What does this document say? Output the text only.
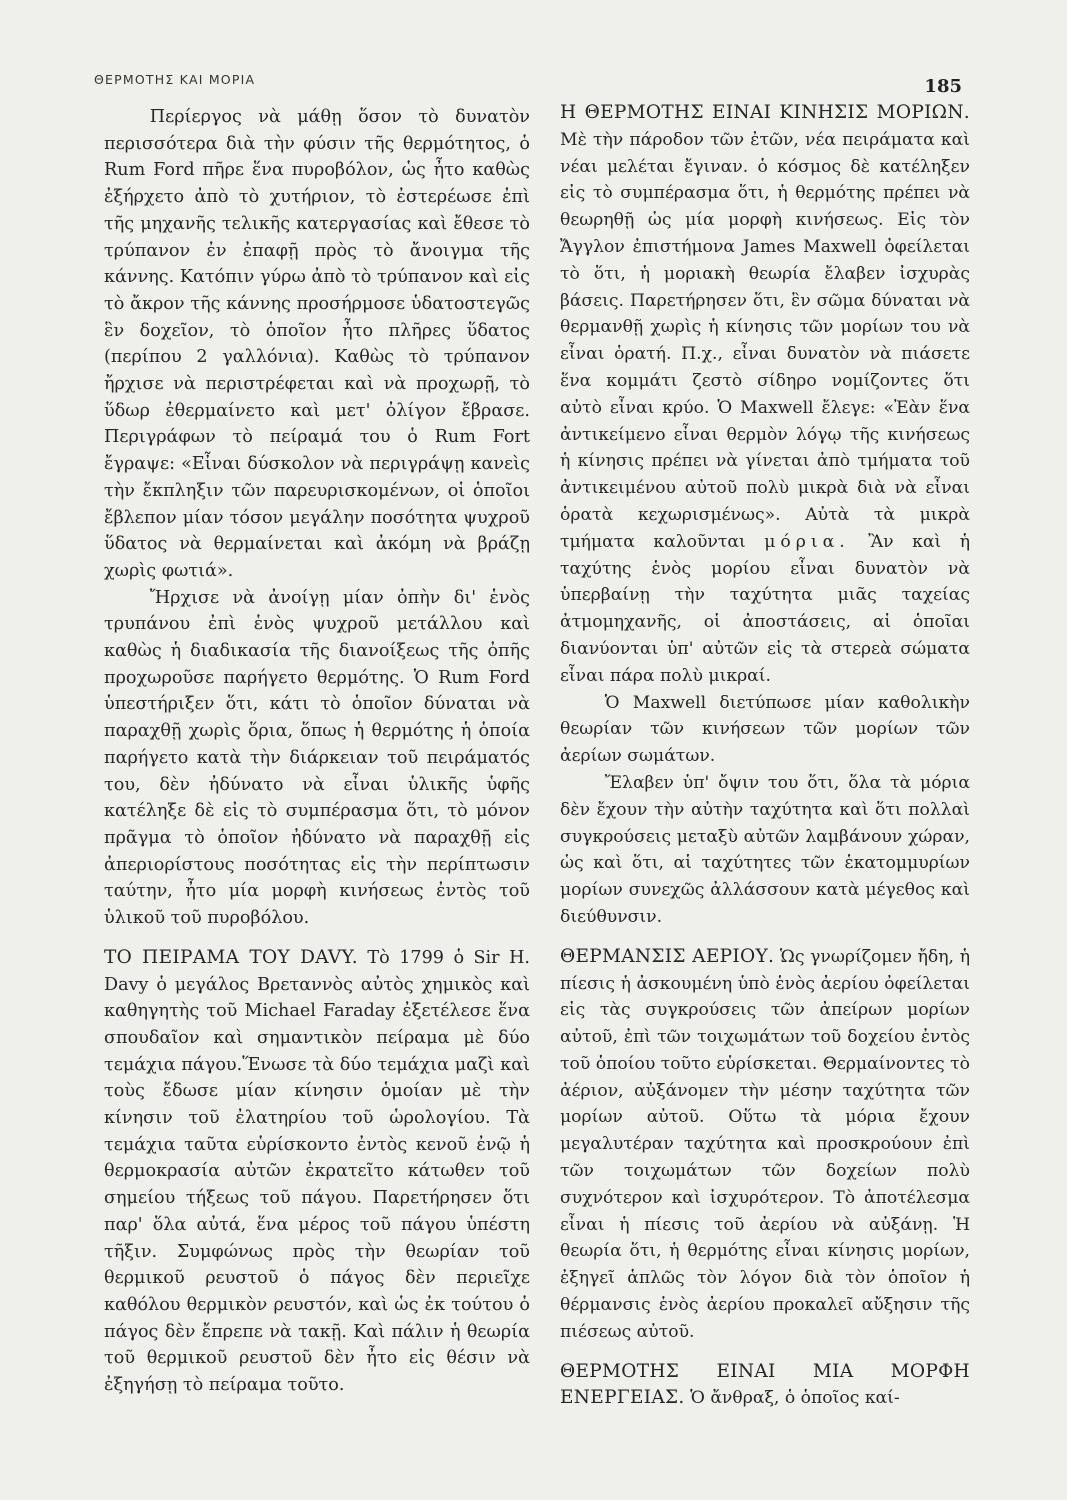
ΘΕΡΜΟΤΗΣ ΚΑΙ ΜΟΡΙΑ	185

Περίεργος νὰ μάθῃ ὅσον τὸ δυνατὸν περισσότερα διὰ τὴν φύσιν τῆς θερμότητος, ὁ Rum Ford πῆρε ἕνα πυροβόλον, ὡς ἦτο καθὼς ἐξήρχετο ἀπὸ τὸ χυτήριον, τὸ ἐστερέωσε ἐπὶ τῆς μηχανῆς τελικῆς κατεργασίας καὶ ἔθεσε τὸ τρύπανον ἐν ἐπαφῇ πρὸς τὸ ἄνοιγμα τῆς κάννης. Κατόπιν γύρω ἀπὸ τὸ τρύπανον καὶ εἰς τὸ ἄκρον τῆς κάννης προσήρμοσε ὑδατοστεγῶς ἓν δοχεῖον, τὸ ὁποῖον ἦτο πλῆρες ὕδατος (περίπου 2 γαλλόνια). Καθὼς τὸ τρύπανον ἤρχισε νὰ περιστρέφεται καὶ νὰ προχωρῇ, τὸ ὕδωρ ἐθερμαίνετο καὶ μετ' ὀλίγον ἔβρασε. Περιγράφων τὸ πείραμά του ὁ Rum Fort ἔγραψε: «Εἶναι δύσκολον νὰ περιγράψῃ κανεὶς τὴν ἔκπληξιν τῶν παρευρισκομένων, οἱ ὁποῖοι ἔβλεπον μίαν τόσον μεγάλην ποσότητα ψυχροῦ ὕδατος νὰ θερμαίνεται καὶ ἀκόμη νὰ βράζῃ χωρὶς φωτιά».

Ἤρχισε νὰ ἀνοίγῃ μίαν ὀπὴν δι' ἑνὸς τρυπάνου ἐπὶ ἑνὸς ψυχροῦ μετάλλου καὶ καθὼς ἡ διαδικασία τῆς διανοίξεως τῆς ὀπῆς προχωροῦσε παρήγετο θερμότης. Ὁ Rum Ford ὑπεστήριξεν ὅτι, κάτι τὸ ὁποῖον δύναται νὰ παραχθῇ χωρὶς ὅρια, ὅπως ἡ θερμότης ἡ ὁποία παρήγετο κατὰ τὴν διάρκειαν τοῦ πειράματός του, δὲν ἠδύνατο νὰ εἶναι ὑλικῆς ὑφῆς κατέληξε δὲ εἰς τὸ συμπέρασμα ὅτι, τὸ μόνον πρᾶγμα τὸ ὁποῖον ἠδύνατο νὰ παραχθῇ εἰς ἀπεριορίστους ποσότητας εἰς τὴν περίπτωσιν ταύτην, ἦτο μία μορφὴ κινήσεως ἐντὸς τοῦ ὑλικοῦ τοῦ πυροβόλου.

ΤΟ ΠΕΙΡΑΜΑ ΤΟΥ DAVY. Τὸ 1799 ὁ Sir H. Davy ὁ μεγάλος Βρεταννὸς αὐτὸς χημικὸς καὶ καθηγητὴς τοῦ Michael Faraday ἐξετέλεσε ἕνα σπουδαῖον καὶ σημαντικὸν πείραμα μὲ δύο τεμάχια πάγου.Ἕνωσε τὰ δύο τεμάχια μαζὶ καὶ τοὺς ἔδωσε μίαν κίνησιν ὁμοίαν μὲ τὴν κίνησιν τοῦ ἐλατηρίου τοῦ ὡρολογίου. Τὰ τεμάχια ταῦτα εὑρίσκοντο ἐντὸς κενοῦ ἐνῷ ἡ θερμοκρασία αὐτῶν ἐκρατεῖτο κάτωθεν τοῦ σημείου τήξεως τοῦ πάγου. Παρετήρησεν ὅτι παρ' ὅλα αὐτά, ἕνα μέρος τοῦ πάγου ὑπέστη τῆξιν. Συμφώνως πρὸς τὴν θεωρίαν τοῦ θερμικοῦ ρευστοῦ ὁ πάγος δὲν περιεῖχε καθόλου θερμικὸν ρευστόν, καὶ ὡς ἐκ τούτου ὁ πάγος δὲν ἔπρεπε νὰ τακῇ. Καὶ πάλιν ἡ θεωρία τοῦ θερμικοῦ ρευστοῦ δὲν ἦτο εἰς θέσιν νὰ ἐξηγήσῃ τὸ πείραμα τοῦτο.

Η ΘΕΡΜΟΤΗΣ ΕΙΝΑΙ ΚΙΝΗΣΙΣ ΜΟΡΙΩΝ. Μὲ τὴν πάροδον τῶν ἐτῶν, νέα πειράματα καὶ νέαι μελέται ἔγιναν. ὁ κόσμος δὲ κατέληξεν εἰς τὸ συμπέρασμα ὅτι, ἡ θερμότης πρέπει νὰ θεωρηθῇ ὡς μία μορφὴ κινήσεως. Εἰς τὸν Ἄγγλον ἐπιστήμονα James Maxwell ὀφείλεται τὸ ὅτι, ἡ μοριακὴ θεωρία ἔλαβεν ἰσχυρὰς βάσεις. Παρετήρησεν ὅτι, ἓν σῶμα δύναται νὰ θερμανθῇ χωρὶς ἡ κίνησις τῶν μορίων του νὰ εἶναι ὁρατή. Π.χ., εἶναι δυνατὸν νὰ πιάσετε ἕνα κομμάτι ζεστὸ σίδηρο νομίζοντες ὅτι αὐτὸ εἶναι κρύο. Ὁ Maxwell ἔλεγε: «Ἐὰν ἕνα ἀντικείμενο εἶναι θερμὸν λόγῳ τῆς κινήσεως ἡ κίνησις πρέπει νὰ γίνεται ἀπὸ τμήματα τοῦ ἀντικειμένου αὐτοῦ πολὺ μικρὰ διὰ νὰ εἶναι ὁρατὰ κεχωρισμένως». Αὐτὰ τὰ μικρὰ τμήματα καλοῦνται μόρια. Ἂν καὶ ἡ ταχύτης ἑνὸς μορίου εἶναι δυνατὸν νὰ ὑπερβαίνῃ τὴν ταχύτητα μιᾶς ταχείας ἀτμομηχανῆς, οἱ ἀποστάσεις, αἱ ὁποῖαι διανύονται ὑπ' αὐτῶν εἰς τὰ στερεὰ σώματα εἶναι πάρα πολὺ μικραί.

Ὁ Maxwell διετύπωσε μίαν καθολικὴν θεωρίαν τῶν κινήσεων τῶν μορίων τῶν ἀερίων σωμάτων.

Ἔλαβεν ὑπ' ὄψιν του ὅτι, ὅλα τὰ μόρια δὲν ἔχουν τὴν αὐτὴν ταχύτητα καὶ ὅτι πολλαὶ συγκρούσεις μεταξὺ αὐτῶν λαμβάνουν χώραν, ὡς καὶ ὅτι, αἱ ταχύτητες τῶν ἑκατομμυρίων μορίων συνεχῶς ἀλλάσσουν κατὰ μέγεθος καὶ διεύθυνσιν.

ΘΕΡΜΑΝΣΙΣ ΑΕΡΙΟΥ. Ὡς γνωρίζομεν ἤδη, ἡ πίεσις ἡ ἀσκουμένη ὑπὸ ἑνὸς ἀερίου ὀφείλεται εἰς τὰς συγκρούσεις τῶν ἀπείρων μορίων αὐτοῦ, ἐπὶ τῶν τοιχωμάτων τοῦ δοχείου ἐντὸς τοῦ ὁποίου τοῦτο εὑρίσκεται. Θερμαίνοντες τὸ ἀέριον, αὐξάνομεν τὴν μέσην ταχύτητα τῶν μορίων αὐτοῦ. Οὕτω τὰ μόρια ἔχουν μεγαλυτέραν ταχύτητα καὶ προσκρούουν ἐπὶ τῶν τοιχωμάτων τῶν δοχείων πολὺ συχνότερον καὶ ἰσχυρότερον. Τὸ ἀποτέλεσμα εἶναι ἡ πίεσις τοῦ ἀερίου νὰ αὐξάνῃ. Ἡ θεωρία ὅτι, ἡ θερμότης εἶναι κίνησις μορίων, ἐξηγεῖ ἁπλῶς τὸν λόγον διὰ τὸν ὁποῖον ἡ θέρμανσις ἑνὸς ἀερίου προκαλεῖ αὔξησιν τῆς πιέσεως αὐτοῦ.

ΘΕΡΜΟΤΗΣ ΕΙΝΑΙ ΜΙΑ ΜΟΡΦΗ ΕΝΕΡΓΕΙΑΣ. Ὁ ἄνθραξ, ὁ ὁποῖος καί-
